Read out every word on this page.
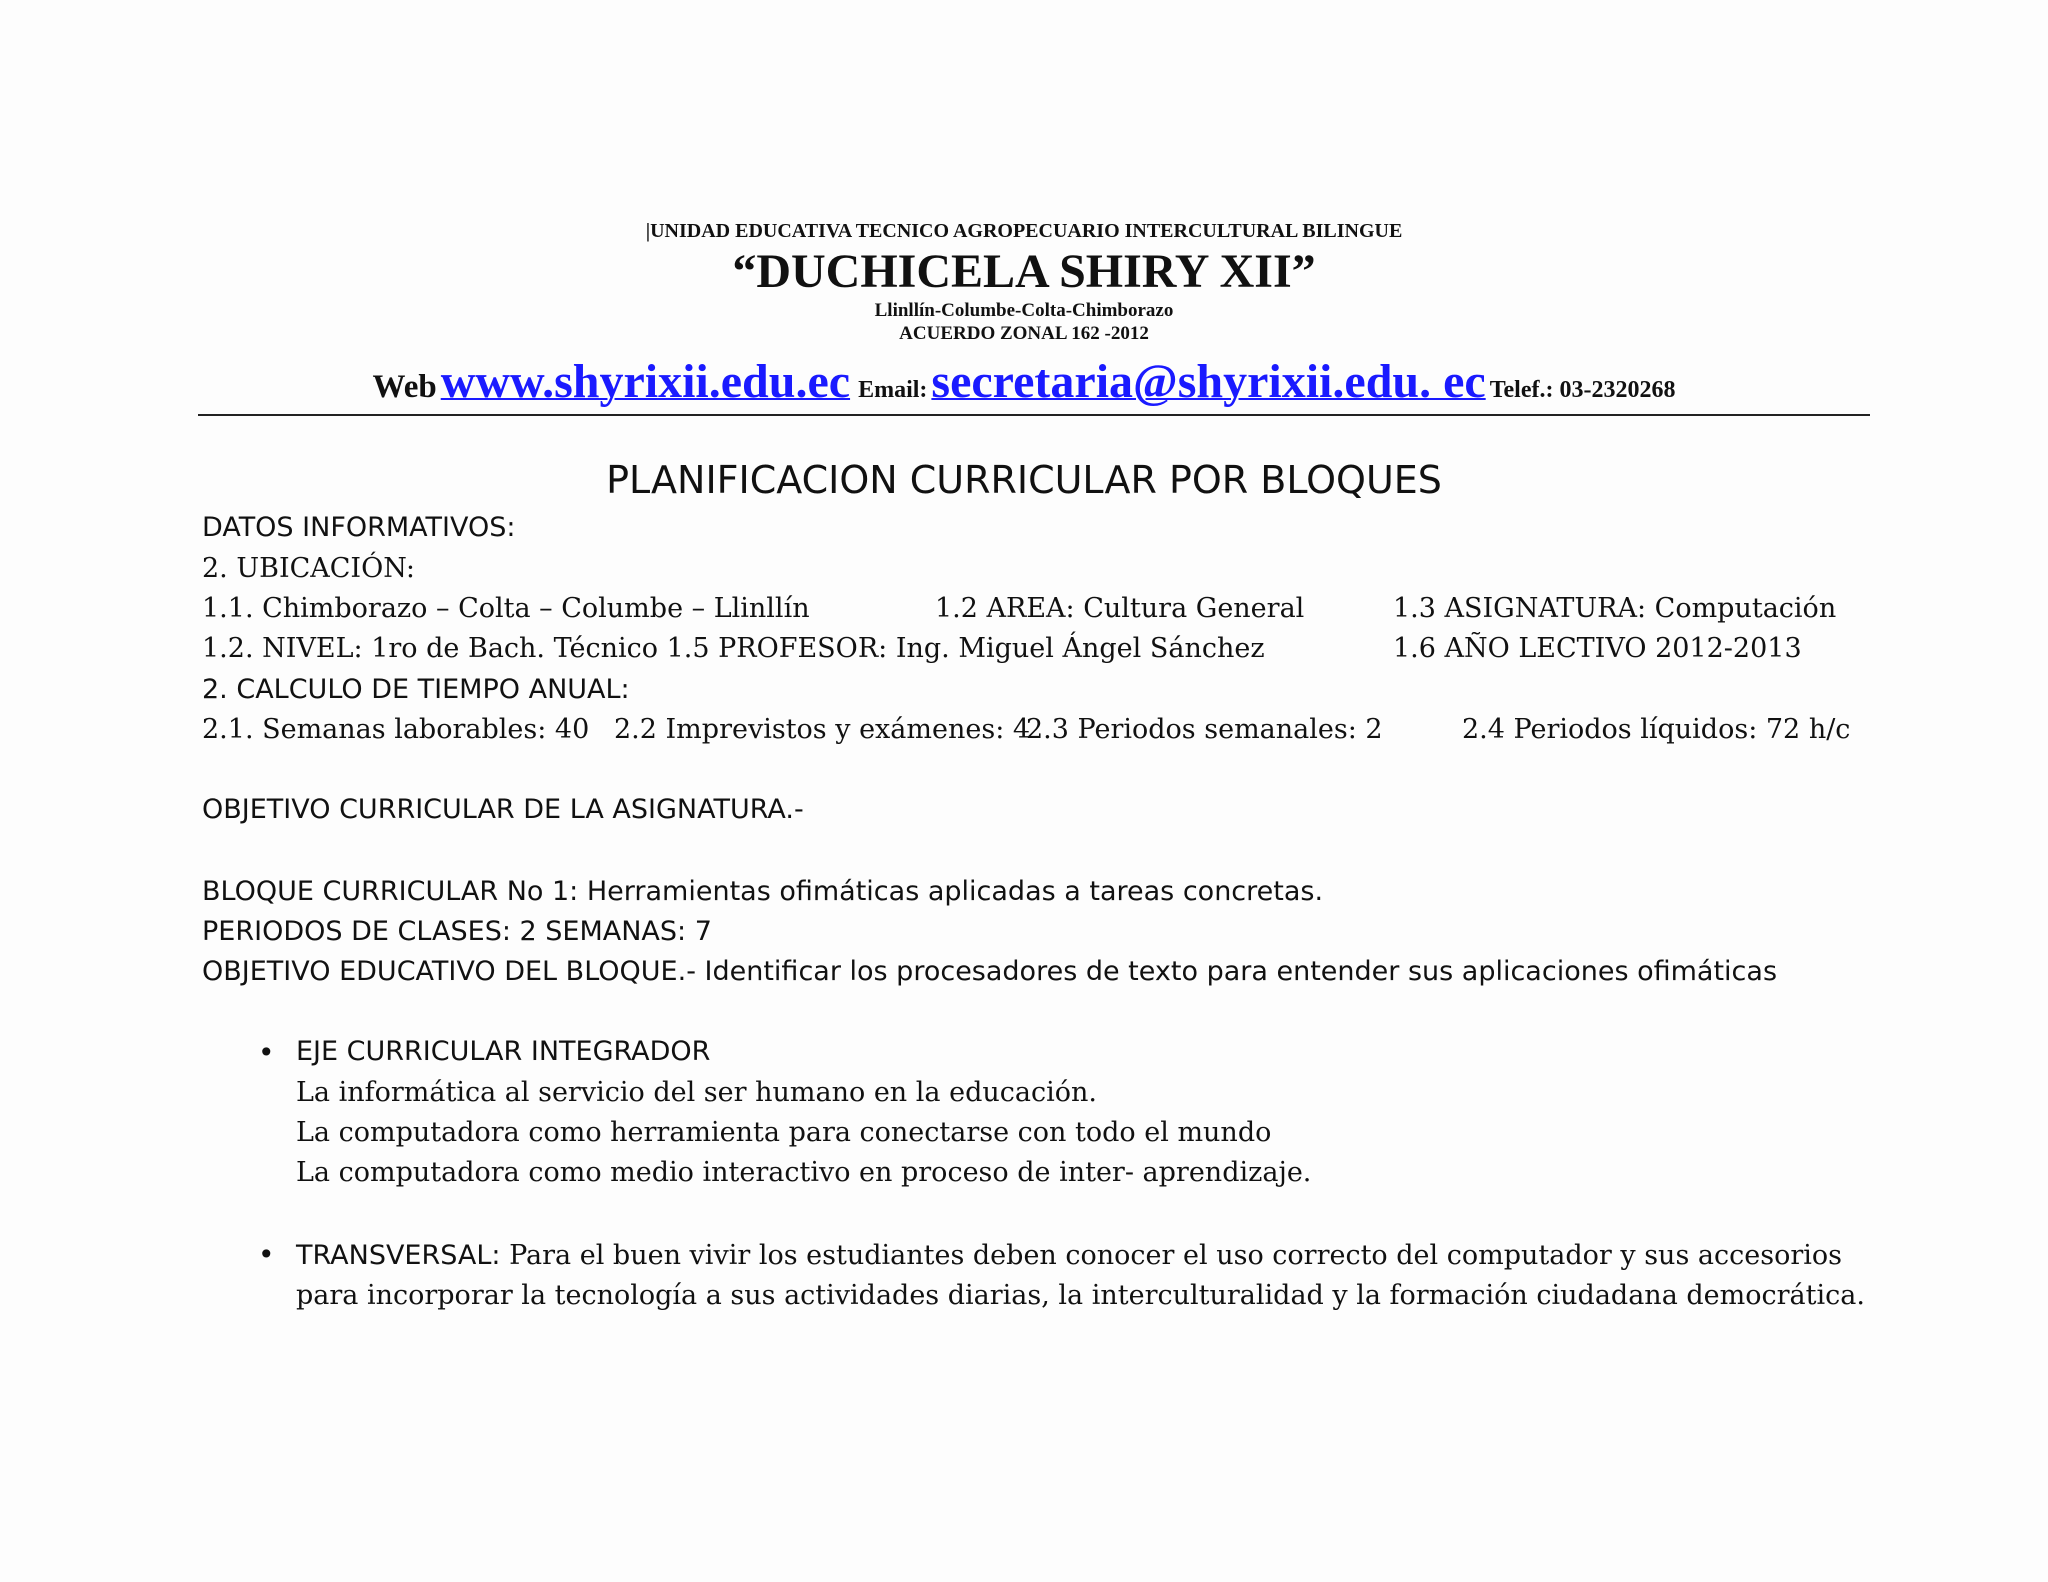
|UNIDAD EDUCATIVA TECNICO AGROPECUARIO INTERCULTURAL BILINGUE
“DUCHICELA SHIRY XII”
Llinllín-Columbe-Colta-Chimborazo
ACUERDO ZONAL 162 -2012
Web www.shyrixii.edu.ec Email: secretaria@shyrixii.edu. ec Telef.: 03-2320268
PLANIFICACION CURRICULAR POR BLOQUES
DATOS INFORMATIVOS:
2. UBICACIÓN:
1.1. Chimborazo – Colta – Columbe – Llinllín	1.2 AREA: Cultura General	1.3 ASIGNATURA: Computación
1.2. NIVEL: 1ro de Bach. Técnico 1.5 PROFESOR: Ing. Miguel Ángel Sánchez	1.6 AÑO LECTIVO 2012-2013
2. CALCULO DE TIEMPO ANUAL:
2.1. Semanas laborables: 40 2.2 Imprevistos y exámenes: 4
2.3 Periodos semanales: 2	2.4 Periodos líquidos: 72 h/c
OBJETIVO CURRICULAR DE LA ASIGNATURA.-
BLOQUE CURRICULAR No 1: Herramientas ofimáticas aplicadas a tareas concretas.
PERIODOS DE CLASES: 2 SEMANAS: 7
OBJETIVO EDUCATIVO DEL BLOQUE.- Identificar los procesadores de texto para entender sus aplicaciones ofimáticas
• EJE CURRICULAR INTEGRADOR
La informática al servicio del ser humano en la educación.
La computadora como herramienta para conectarse con todo el mundo
La computadora como medio interactivo en proceso de inter- aprendizaje.
• TRANSVERSAL: Para el buen vivir los estudiantes deben conocer el uso correcto del computador y sus accesorios para incorporar la tecnología a sus actividades diarias, la interculturalidad y la formación ciudadana democrática.
